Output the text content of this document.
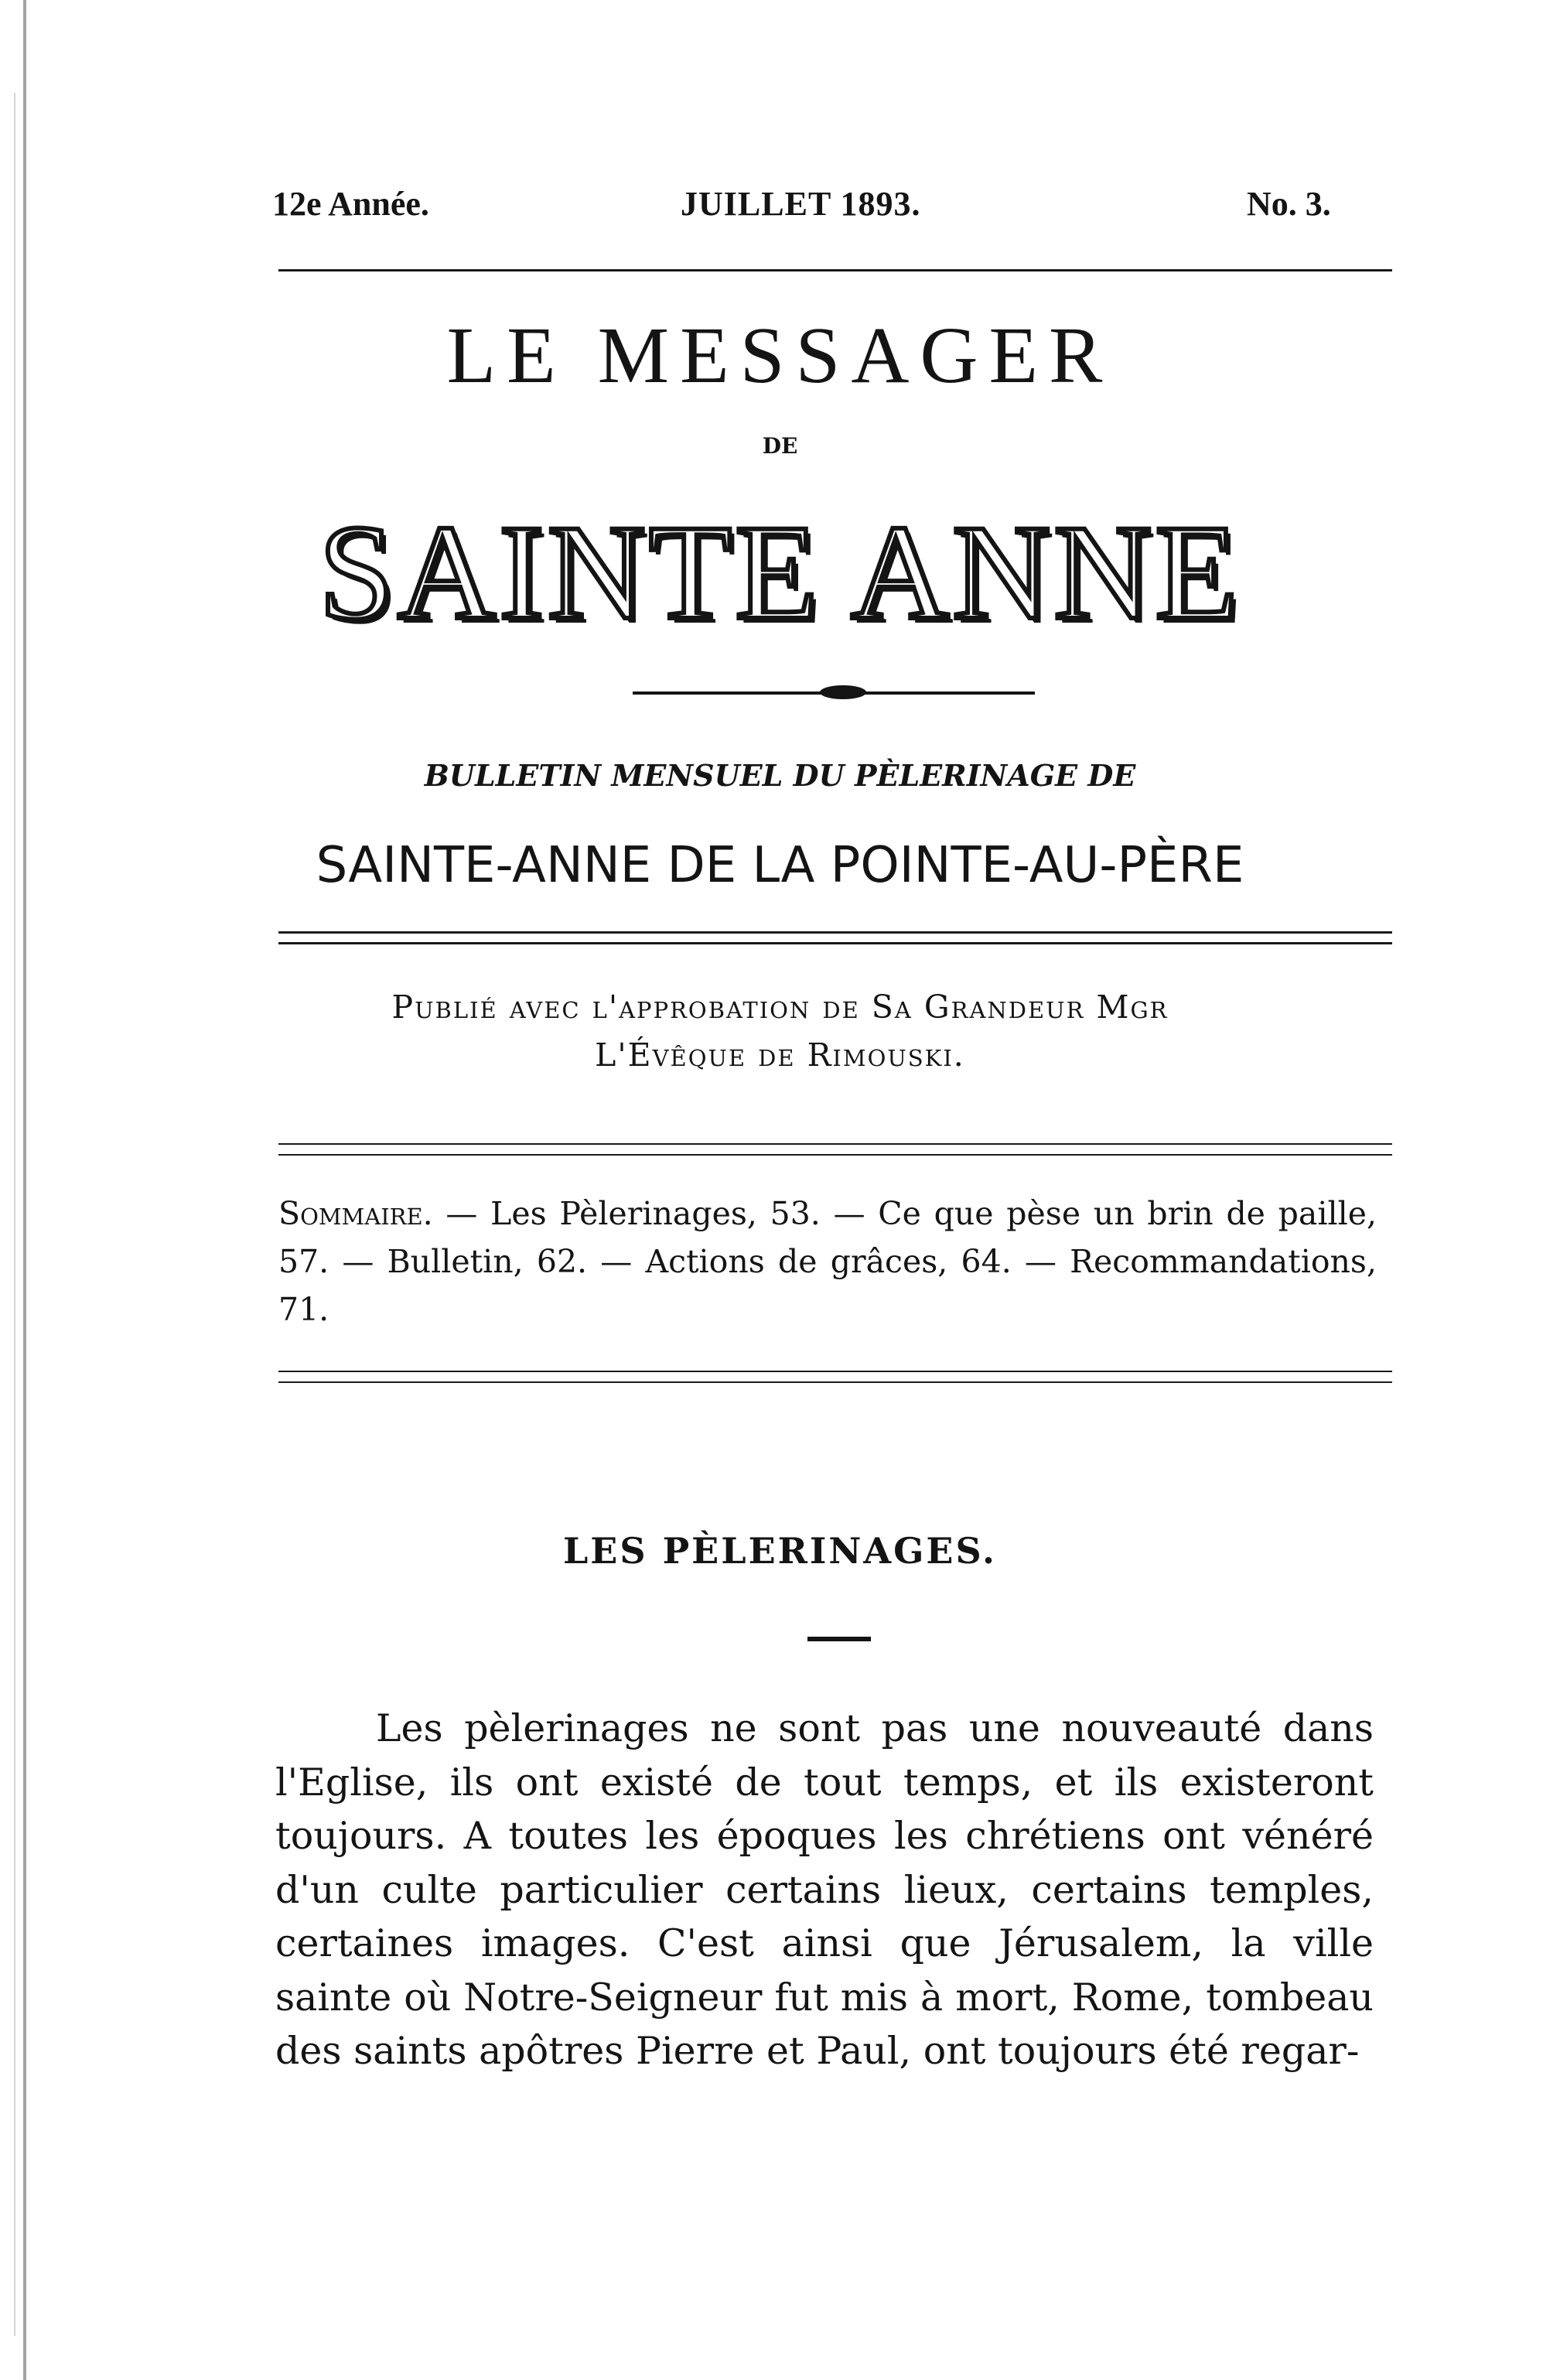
12e Année.	JUILLET 1893.	No. 3.
LE MESSAGER
DE
SAINTE ANNE
BULLETIN MENSUEL DU PÈLERINAGE DE
SAINTE-ANNE DE LA POINTE-AU-PÈRE
Publié avec l'approbation de Sa Grandeur Mgr
L'Évêque de Rimouski.
Sommaire. — Les Pèlerinages, 53. — Ce que pèse un brin de paille, 57. — Bulletin, 62. — Actions de grâces, 64. — Recommandations, 71.
LES PÈLERINAGES.
Les pèlerinages ne sont pas une nouveauté dans l'Eglise, ils ont existé de tout temps, et ils existeront toujours. A toutes les époques les chrétiens ont vénéré d'un culte particulier certains lieux, certains temples, certaines images. C'est ainsi que Jérusalem, la ville sainte où Notre-Seigneur fut mis à mort, Rome, tombeau des saints apôtres Pierre et Paul, ont toujours été regar-
